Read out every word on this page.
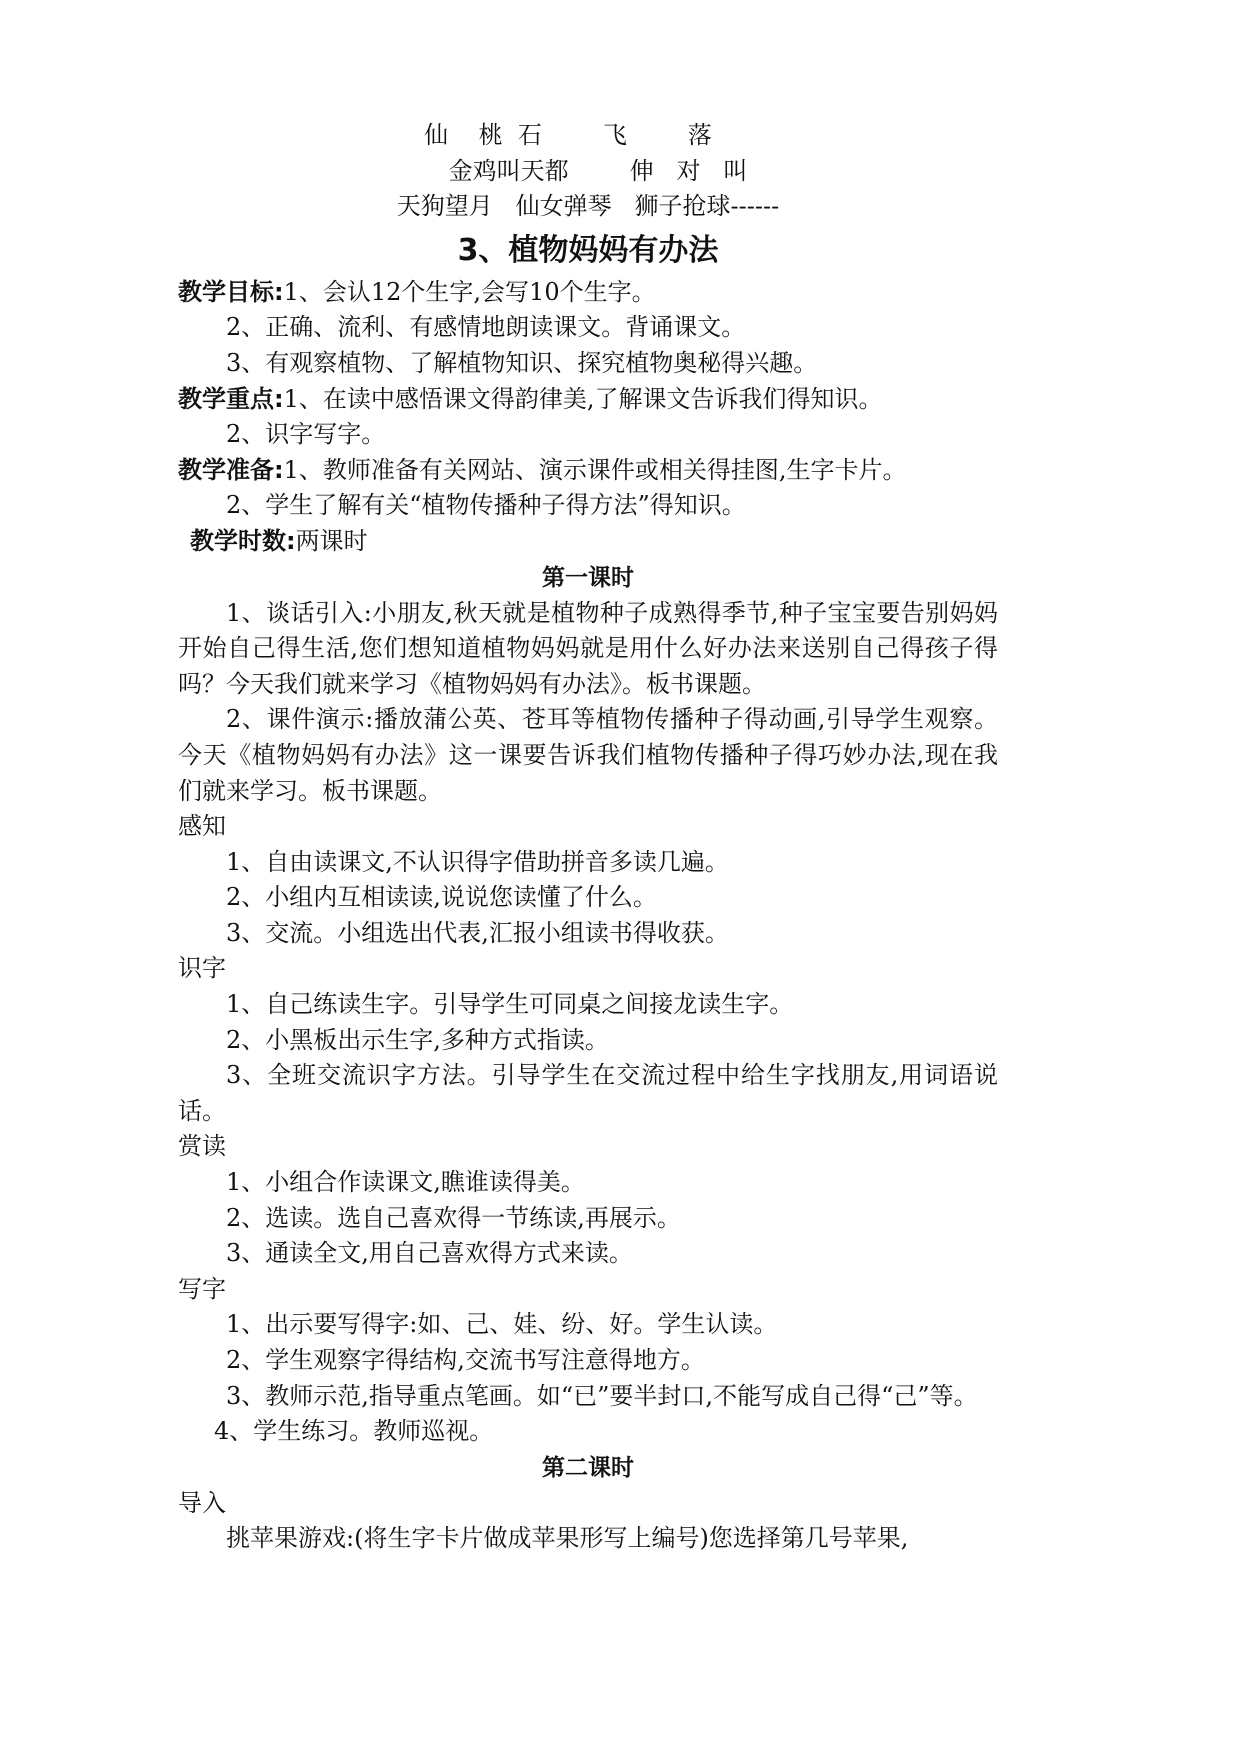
仙    桃  石        飞        落
金鸡叫天都        伸   对   叫
天狗望月   仙女弹琴   狮子抢球------
3、植物妈妈有办法
教学目标:1、会认12个生字,会写10个生字。
2、正确、流利、有感情地朗读课文。背诵课文。
3、有观察植物、了解植物知识、探究植物奥秘得兴趣。
教学重点:1、在读中感悟课文得韵律美,了解课文告诉我们得知识。
2、识字写字。
教学准备:1、教师准备有关网站、演示课件或相关得挂图,生字卡片。
2、学生了解有关“植物传播种子得方法”得知识。
教学时数:两课时
第一课时
1、谈话引入:小朋友,秋天就是植物种子成熟得季节,种子宝宝要告别妈妈开始自己得生活,您们想知道植物妈妈就是用什么好办法来送别自己得孩子得吗？今天我们就来学习《植物妈妈有办法》。板书课题。
2、课件演示:播放蒲公英、苍耳等植物传播种子得动画,引导学生观察。今天《植物妈妈有办法》这一课要告诉我们植物传播种子得巧妙办法,现在我们就来学习。板书课题。
感知
1、自由读课文,不认识得字借助拼音多读几遍。
2、小组内互相读读,说说您读懂了什么。
3、交流。小组选出代表,汇报小组读书得收获。
识字
1、自己练读生字。引导学生可同桌之间接龙读生字。
2、小黑板出示生字,多种方式指读。
3、全班交流识字方法。引导学生在交流过程中给生字找朋友,用词语说话。
赏读
1、小组合作读课文,瞧谁读得美。
2、选读。选自己喜欢得一节练读,再展示。
3、通读全文,用自己喜欢得方式来读。
写字
1、出示要写得字:如、己、娃、纷、好。学生认读。
2、学生观察字得结构,交流书写注意得地方。
3、教师示范,指导重点笔画。如“已”要半封口,不能写成自己得“己”等。
4、学生练习。教师巡视。
第二课时
导入
挑苹果游戏:(将生字卡片做成苹果形写上编号)您选择第几号苹果,
